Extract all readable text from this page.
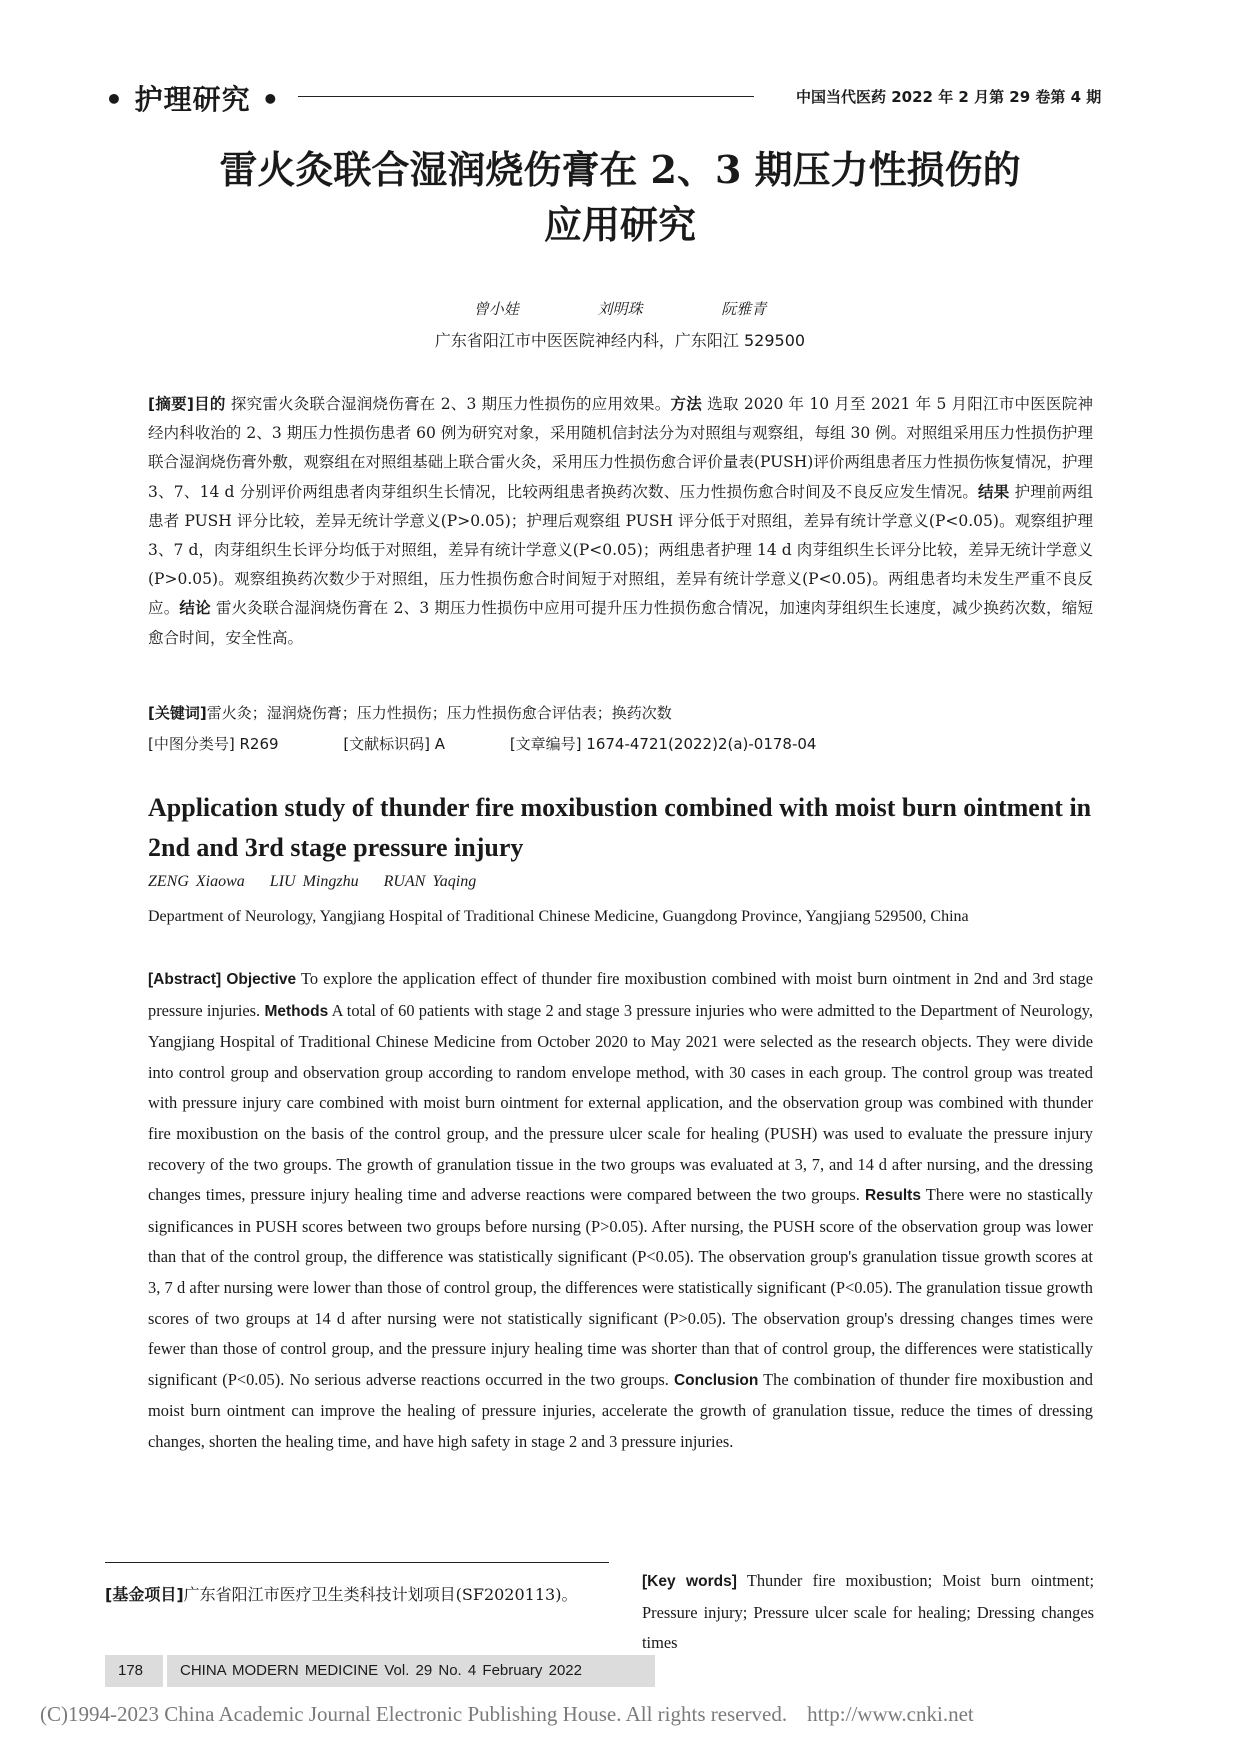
• 护理研究 •	中国当代医药 2022 年 2 月第 29 卷第 4 期
雷火灸联合湿润烧伤膏在 2、3 期压力性损伤的
应用研究
曾小娃	刘明珠	阮雅青
广东省阳江市中医医院神经内科，广东阳江 529500
[摘要]目的 探究雷火灸联合湿润烧伤膏在 2、3 期压力性损伤的应用效果。方法 选取 2020 年 10 月至 2021 年 5 月阳江市中医医院神经内科收治的 2、3 期压力性损伤患者 60 例为研究对象，采用随机信封法分为对照组与观察组，每组 30 例。对照组采用压力性损伤护理联合湿润烧伤膏外敷，观察组在对照组基础上联合雷火灸，采用压力性损伤愈合评价量表(PUSH)评价两组患者压力性损伤恢复情况，护理 3、7、14 d 分别评价两组患者肉芽组织生长情况，比较两组患者换药次数、压力性损伤愈合时间及不良反应发生情况。结果 护理前两组患者 PUSH 评分比较，差异无统计学意义(P>0.05)；护理后观察组 PUSH 评分低于对照组，差异有统计学意义(P<0.05)。观察组护理 3、7 d，肉芽组织生长评分均低于对照组，差异有统计学意义(P<0.05)；两组患者护理 14 d 肉芽组织生长评分比较，差异无统计学意义(P>0.05)。观察组换药次数少于对照组，压力性损伤愈合时间短于对照组，差异有统计学意义(P<0.05)。两组患者均未发生严重不良反应。结论 雷火灸联合湿润烧伤膏在 2、3 期压力性损伤中应用可提升压力性损伤愈合情况，加速肉芽组织生长速度，减少换药次数，缩短愈合时间，安全性高。
[关键词]雷火灸；湿润烧伤膏；压力性损伤；压力性损伤愈合评估表；换药次数
[中图分类号] R269	[文献标识码] A	[文章编号] 1674-4721(2022)2(a)-0178-04
Application study of thunder fire moxibustion combined with moist burn ointment in 2nd and 3rd stage pressure injury
ZENG Xiaowa LIU Mingzhu RUAN Yaqing
Department of Neurology, Yangjiang Hospital of Traditional Chinese Medicine, Guangdong Province, Yangjiang 529500, China
[Abstract] Objective To explore the application effect of thunder fire moxibustion combined with moist burn ointment in 2nd and 3rd stage pressure injuries. Methods A total of 60 patients with stage 2 and stage 3 pressure injuries who were admitted to the Department of Neurology, Yangjiang Hospital of Traditional Chinese Medicine from October 2020 to May 2021 were selected as the research objects. They were divide into control group and observation group according to random envelope method, with 30 cases in each group. The control group was treated with pressure injury care combined with moist burn ointment for external application, and the observation group was combined with thunder fire moxibustion on the basis of the control group, and the pressure ulcer scale for healing (PUSH) was used to evaluate the pressure injury recovery of the two groups. The growth of granulation tissue in the two groups was evaluated at 3, 7, and 14 d after nursing, and the dressing changes times, pressure injury healing time and adverse reactions were compared between the two groups. Results There were no stastically significances in PUSH scores between two groups before nursing (P>0.05). After nursing, the PUSH score of the observation group was lower than that of the control group, the difference was statistically significant (P<0.05). The observation group's granulation tissue growth scores at 3, 7 d after nursing were lower than those of control group, the differences were statistically significant (P<0.05). The granulation tissue growth scores of two groups at 14 d after nursing were not statistically significant (P>0.05). The observation group's dressing changes times were fewer than those of control group, and the pressure injury healing time was shorter than that of control group, the differences were statistically significant (P<0.05). No serious adverse reactions occurred in the two groups. Conclusion The combination of thunder fire moxibustion and moist burn ointment can improve the healing of pressure injuries, accelerate the growth of granulation tissue, reduce the times of dressing changes, shorten the healing time, and have high safety in stage 2 and 3 pressure injuries.
[基金项目]广东省阳江市医疗卫生类科技计划项目(SF2020113)。
[Key words] Thunder fire moxibustion; Moist burn ointment; Pressure injury; Pressure ulcer scale for healing; Dressing changes times
178 CHINA MODERN MEDICINE Vol. 29 No. 4 February 2022
(C)1994-2023 China Academic Journal Electronic Publishing House. All rights reserved. http://www.cnki.net
